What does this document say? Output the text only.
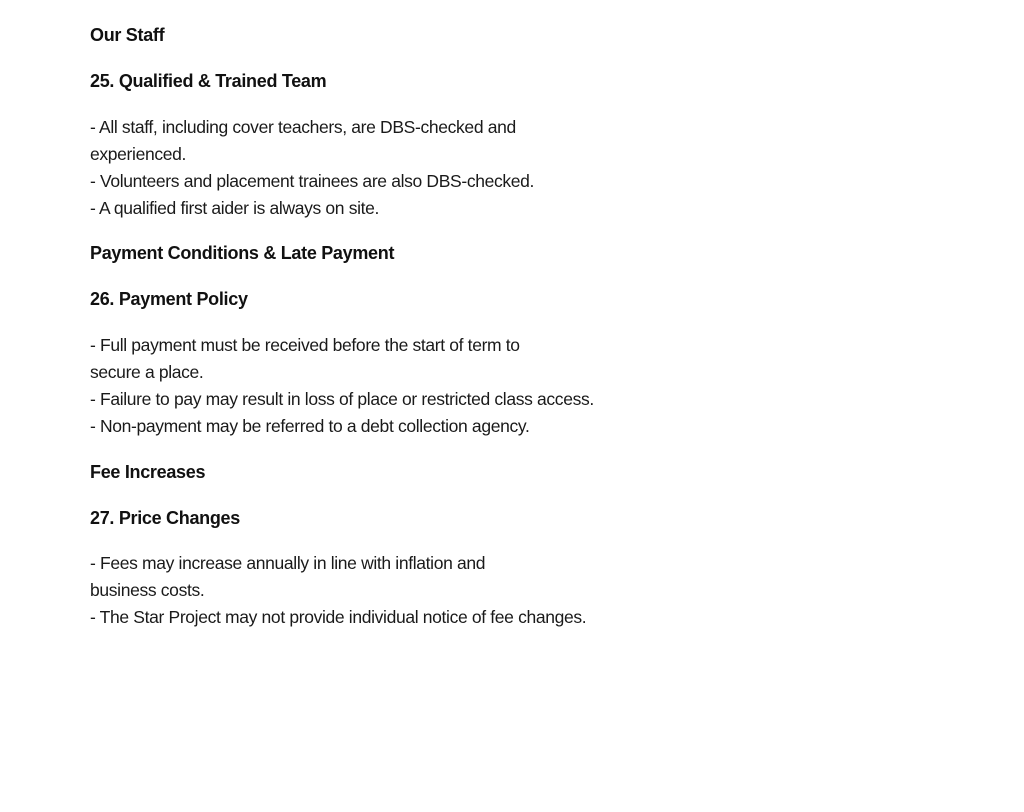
Our Staff
25. Qualified & Trained Team
- All staff, including cover teachers, are DBS-checked and
experienced.
- Volunteers and placement trainees are also DBS-checked.
- A qualified first aider is always on site.
Payment Conditions & Late Payment
26. Payment Policy
- Full payment must be received before the start of term to
secure a place.
- Failure to pay may result in loss of place or restricted class access.
- Non-payment may be referred to a debt collection agency.
Fee Increases
27. Price Changes
- Fees may increase annually in line with inflation and
business costs.
- The Star Project may not provide individual notice of fee changes.
